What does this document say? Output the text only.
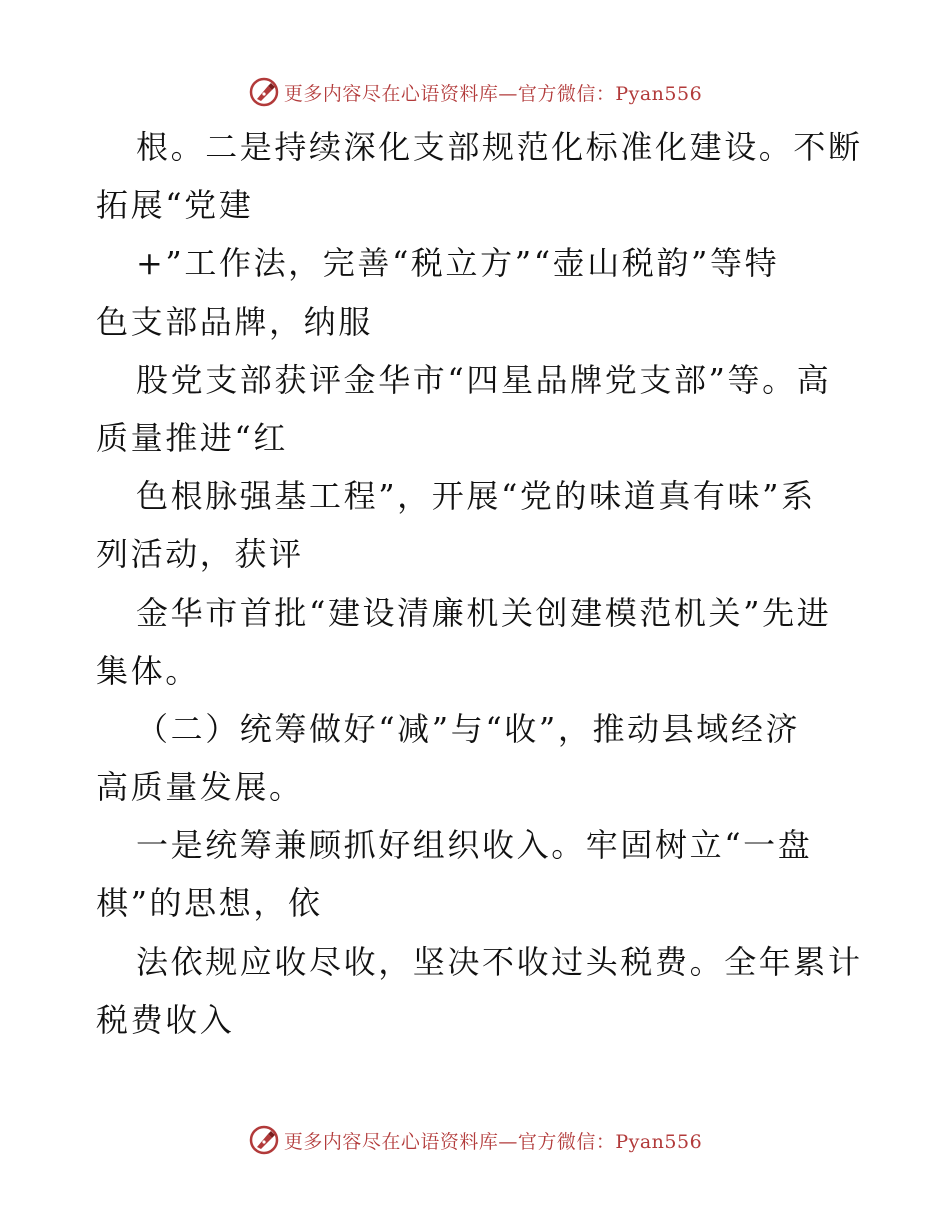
更多内容尽在心语资料库—官方微信：Pyan556
根。二是持续深化支部规范化标准化建设。不断
拓展“党建
+”工作法，完善“税立方”“壶山税韵”等特
色支部品牌，纳服
股党支部获评金华市“四星品牌党支部”等。高
质量推进“红
色根脉强基工程”，开展“党的味道真有味”系
列活动，获评
金华市首批“建设清廉机关创建模范机关”先进
集体。
（二）统筹做好“减”与“收”，推动县域经济
高质量发展。
一是统筹兼顾抓好组织收入。牢固树立“一盘
棋”的思想，依
法依规应收尽收，坚决不收过头税费。全年累计
税费收入
更多内容尽在心语资料库—官方微信：Pyan556
